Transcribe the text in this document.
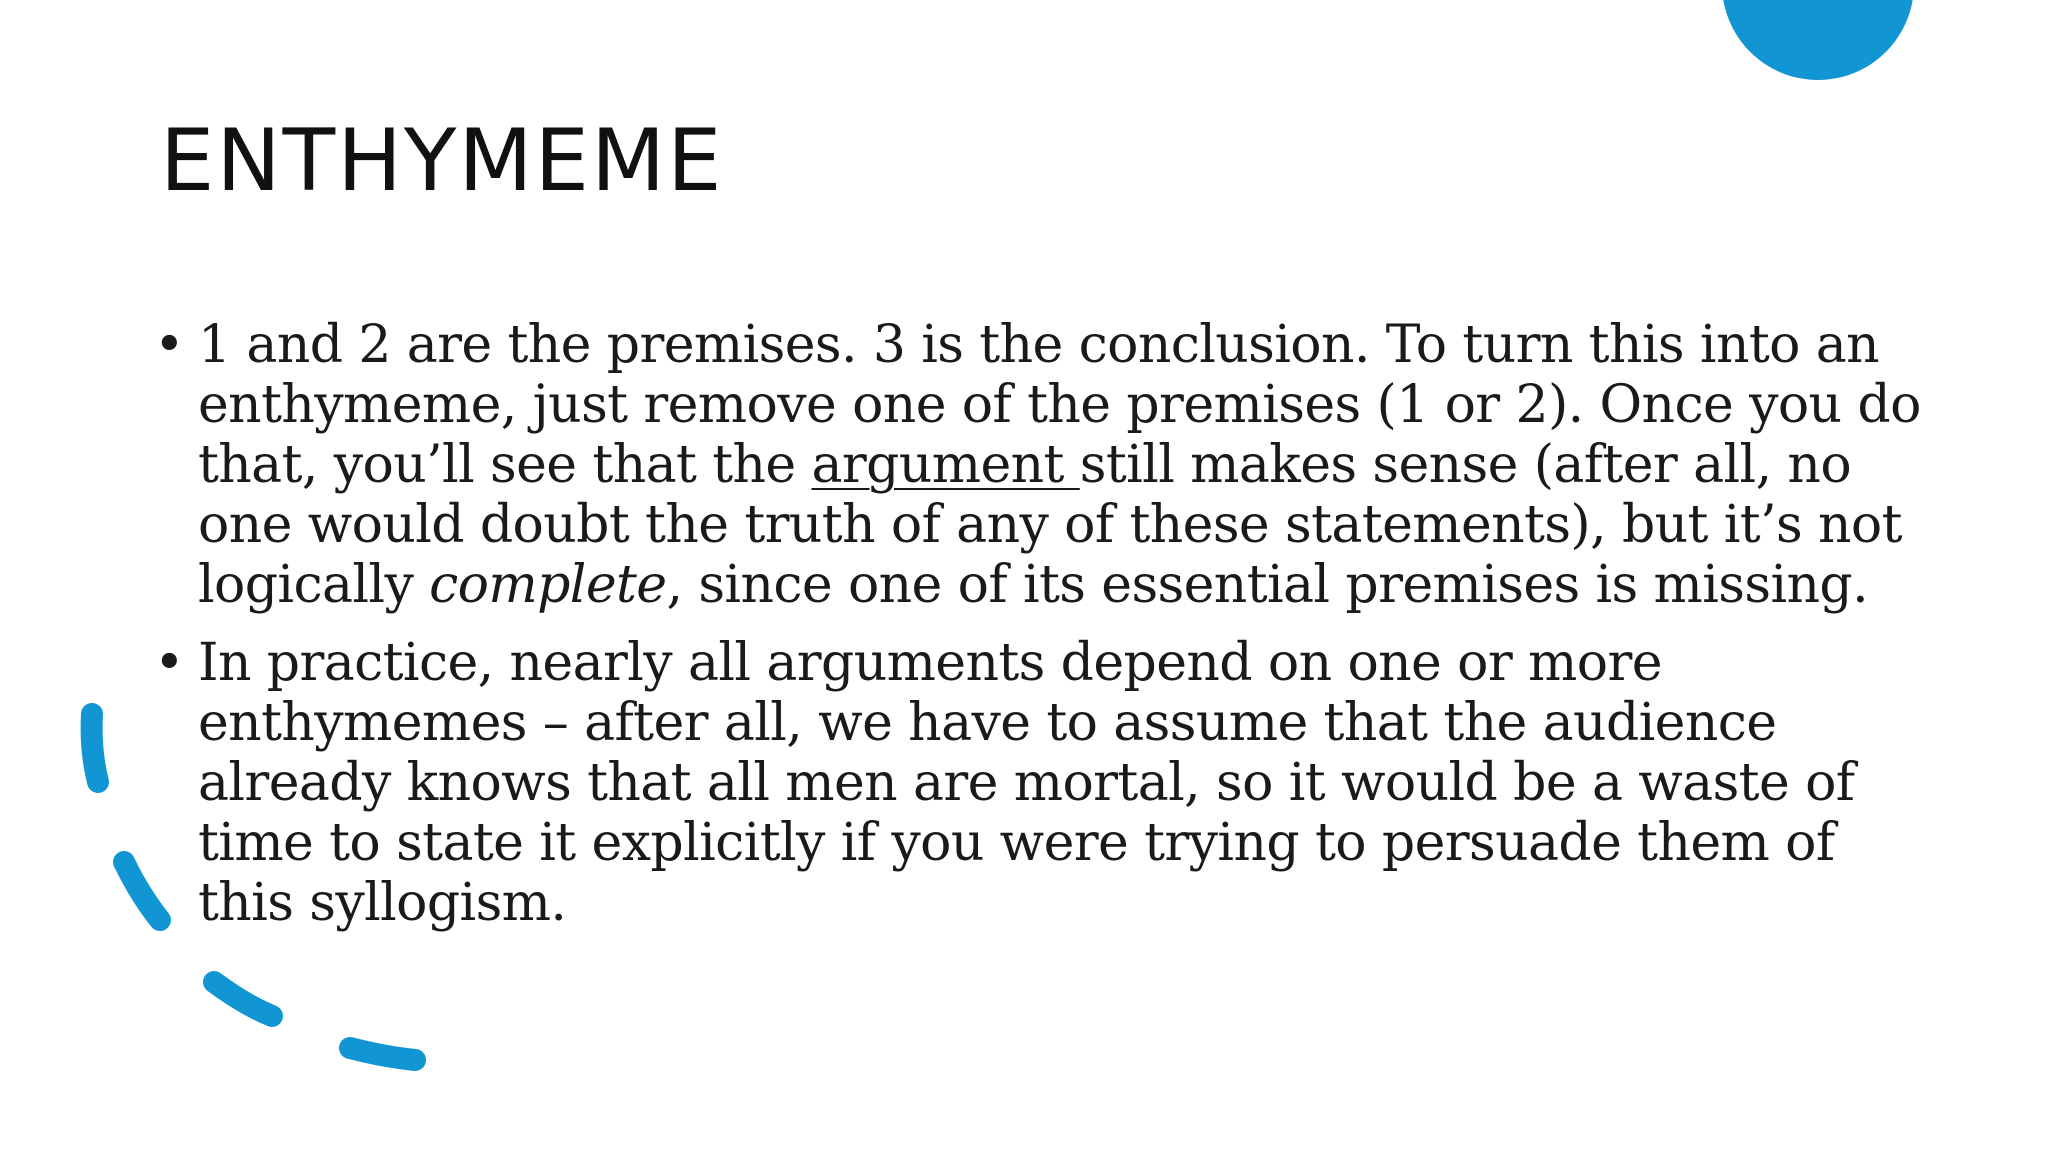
ENTHYMEME
• 1 and 2 are the premises. 3 is the conclusion. To turn this into an enthymeme, just remove one of the premises (1 or 2). Once you do that, you’ll see that the argument still makes sense (after all, no one would doubt the truth of any of these statements), but it’s not logically complete, since one of its essential premises is missing.
• In practice, nearly all arguments depend on one or more enthymemes – after all, we have to assume that the audience already knows that all men are mortal, so it would be a waste of time to state it explicitly if you were trying to persuade them of this syllogism.
